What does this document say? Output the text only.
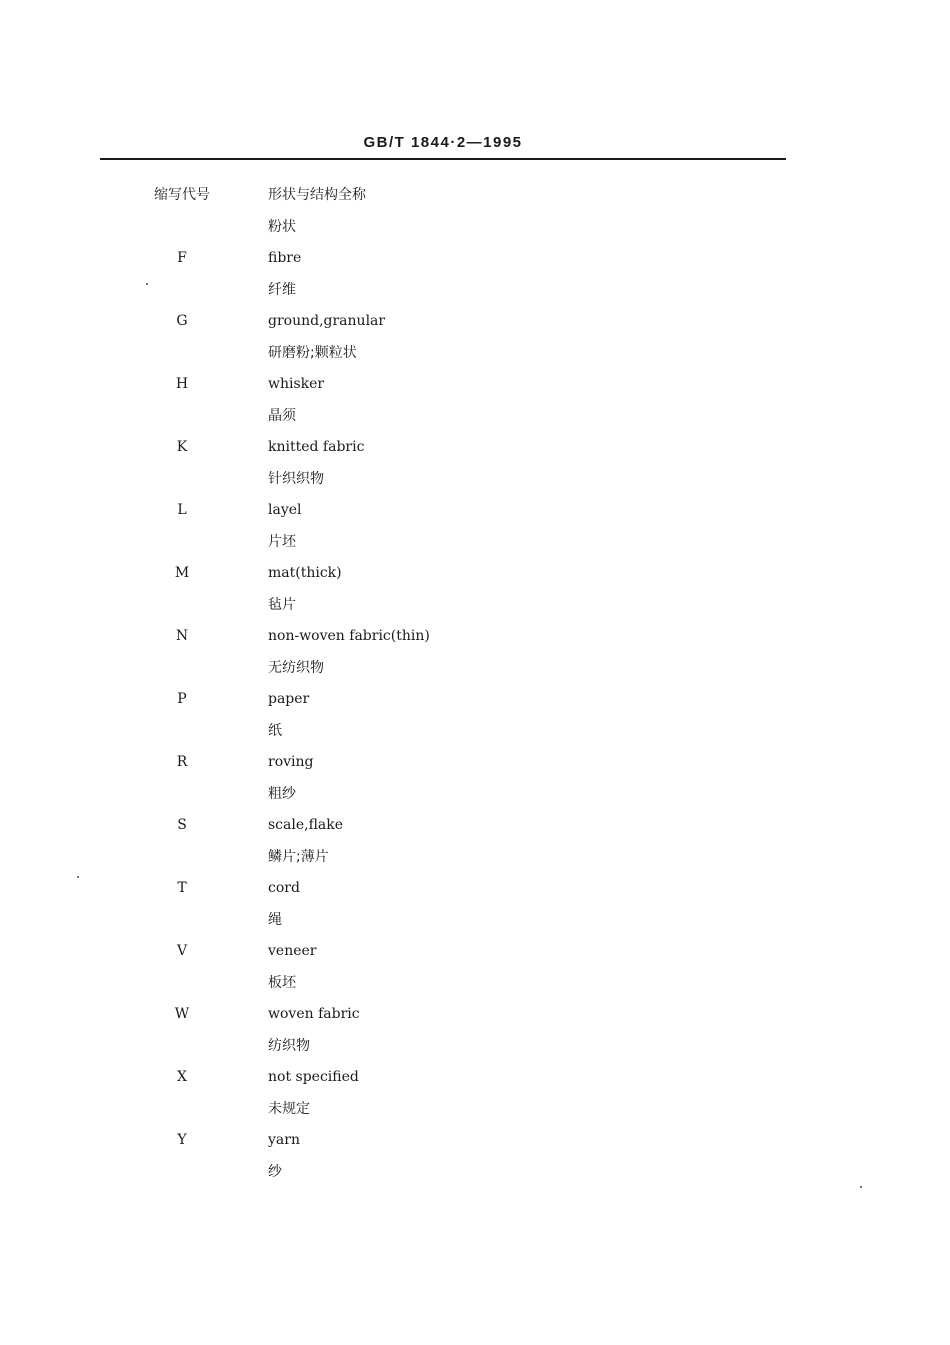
GB/T 1844·2—1995
缩写代号	形状与结构全称
粉状
F	fibre
纤维
G	ground,granular
研磨粉;颗粒状
H	whisker
晶须
K	knitted fabric
针织织物
L	layel
片坯
M	mat(thick)
毡片
N	non-woven fabric(thin)
无纺织物
P	paper
纸
R	roving
粗纱
S	scale,flake
鳞片;薄片
T	cord
绳
V	veneer
板坯
W	woven fabric
纺织物
X	not specified
未规定
Y	yarn
纱
